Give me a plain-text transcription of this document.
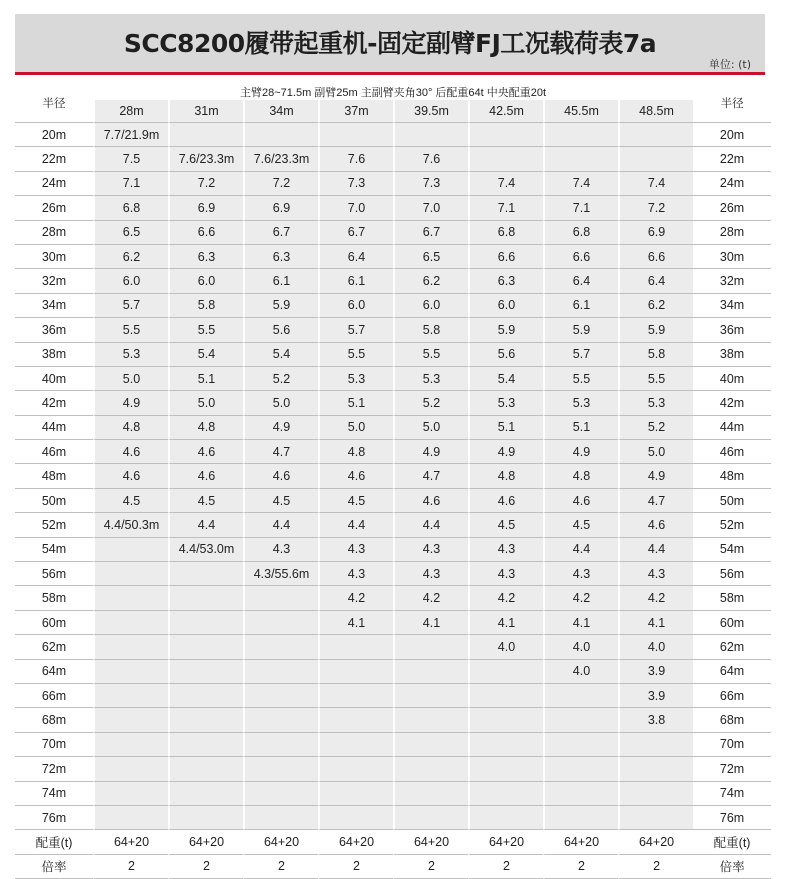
SCC8200履带起重机-固定副臂FJ工况载荷表7a
单位: (t)
半径	主臂28~71.5m 副臂25m 主副臂夹角30° 后配重64t 中央配重20t								半径
	28m	31m	34m	37m	39.5m	42.5m	45.5m	48.5m	
20m	7.7/21.9m								20m
22m	7.5	7.6/23.3m	7.6/23.3m	7.6	7.6				22m
24m	7.1	7.2	7.2	7.3	7.3	7.4	7.4	7.4	24m
26m	6.8	6.9	6.9	7.0	7.0	7.1	7.1	7.2	26m
28m	6.5	6.6	6.7	6.7	6.7	6.8	6.8	6.9	28m
30m	6.2	6.3	6.3	6.4	6.5	6.6	6.6	6.6	30m
32m	6.0	6.0	6.1	6.1	6.2	6.3	6.4	6.4	32m
34m	5.7	5.8	5.9	6.0	6.0	6.0	6.1	6.2	34m
36m	5.5	5.5	5.6	5.7	5.8	5.9	5.9	5.9	36m
38m	5.3	5.4	5.4	5.5	5.5	5.6	5.7	5.8	38m
40m	5.0	5.1	5.2	5.3	5.3	5.4	5.5	5.5	40m
42m	4.9	5.0	5.0	5.1	5.2	5.3	5.3	5.3	42m
44m	4.8	4.8	4.9	5.0	5.0	5.1	5.1	5.2	44m
46m	4.6	4.6	4.7	4.8	4.9	4.9	4.9	5.0	46m
48m	4.6	4.6	4.6	4.6	4.7	4.8	4.8	4.9	48m
50m	4.5	4.5	4.5	4.5	4.6	4.6	4.6	4.7	50m
52m	4.4/50.3m	4.4	4.4	4.4	4.4	4.5	4.5	4.6	52m
54m		4.4/53.0m	4.3	4.3	4.3	4.3	4.4	4.4	54m
56m			4.3/55.6m	4.3	4.3	4.3	4.3	4.3	56m
58m				4.2	4.2	4.2	4.2	4.2	58m
60m				4.1	4.1	4.1	4.1	4.1	60m
62m						4.0	4.0	4.0	62m
64m							4.0	3.9	64m
66m								3.9	66m
68m								3.8	68m
70m									70m
72m									72m
74m									74m
76m									76m
配重(t)	64+20	64+20	64+20	64+20	64+20	64+20	64+20	64+20	配重(t)
倍率	2	2	2	2	2	2	2	2	倍率
